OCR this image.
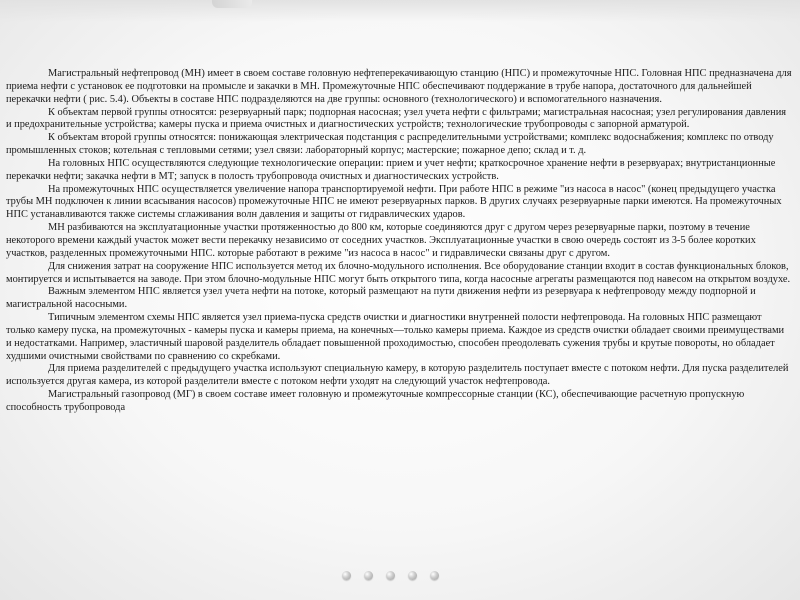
Магистральный нефтепровод (МН) имеет в своем составе головную нефтеперекачивающую станцию (НПС) и промежуточные НПС. Головная НПС предназначена для приема нефти с установок ее подготовки на промысле и закачки в МН. Промежуточные НПС обеспечивают поддержание в трубе напора, достаточного для дальнейшей перекачки нефти ( рис. 5.4). Объекты в составе НПС подразделяются на две группы: основного (технологического) и вспомогательного назначения.

К объектам первой группы относятся: резервуарный парк; подпорная насосная; узел учета нефти с фильтрами; магистральная насосная; узел регулирования давления и предохранительные устройства; камеры пуска и приема очистных и диагностических устройств; технологические трубопроводы с запорной арматурой.

К объектам второй группы относятся: понижающая электрическая подстанция с распределительными устройствами; комплекс водоснабжения; комплекс по отводу промышленных стоков; котельная с тепловыми сетями; узел связи: лабораторный корпус; мастерские; пожарное депо; склад и т. д.

На головных НПС осуществляются следующие технологические операции: прием и учет нефти; краткосрочное хранение нефти в резервуарах; внутристанционные перекачки нефти; закачка нефти в МТ; запуск в полость трубопровода очистных и диагностических устройств.

На промежуточных НПС осуществляется увеличение напора транспортируемой нефти. При работе НПС в режиме "из насоса в насос" (конец предыдущего участка трубы МН подключен к линии всасывания насосов) промежуточные НПС не имеют резервуарных парков. В других случаях резервуарные парки имеются. На промежуточных НПС устанавливаются также системы сглаживания волн давления и защиты от гидравлических ударов.

МН разбиваются на эксплуатационные участки протяженностью до 800 км, которые соединяются друг с другом через резервуарные парки, поэтому в течение некоторого времени каждый участок может вести перекачку независимо от соседних участков. Эксплуатационные участки в свою очередь состоят из 3-5 более коротких участков, разделенных промежуточными НПС. которые работают в режиме "из насоса в насос" и гидравлически связаны друг с другом.

Для снижения затрат на сооружение НПС используется метод их блочно-модульного исполнения. Все оборудование станции входит в состав функциональных блоков, монтируется и испытывается на заводе. При этом блочно-модульные НПС могут быть открытого типа, когда насосные агрегаты размещаются под навесом на открытом воздухе.

Важным элементом НПС является узел учета нефти на потоке, который размещают на пути движения нефти из резервуара к нефтепроводу между подпорной и магистральной насосными.

Типичным элементом схемы НПС является узел приема-пуска средств очистки и диагностики внутренней полости нефтепровода. На головных НПС размещают только камеру пуска, на промежуточных - камеры пуска и камеры приема, на конечных—только камеры приема. Каждое из средств очистки обладает своими преимуществами и недостатками. Например, эластичный шаровой разделитель обладает повышенной проходимостью, способен преодолевать сужения трубы и крутые повороты, но обладает худшими очистными свойствами по сравнению со скребками.

Для приема разделителей с предыдущего участка используют специальную камеру, в которую разделитель поступает вместе с потоком нефти. Для пуска разделителей используется другая камера, из которой разделители вместе с потоком нефти уходят на следующий участок нефтепровода.

Магистральный газопровод (МГ) в своем составе имеет головную и промежуточные компрессорные станции (КС), обеспечивающие расчетную пропускную способность трубопровода
